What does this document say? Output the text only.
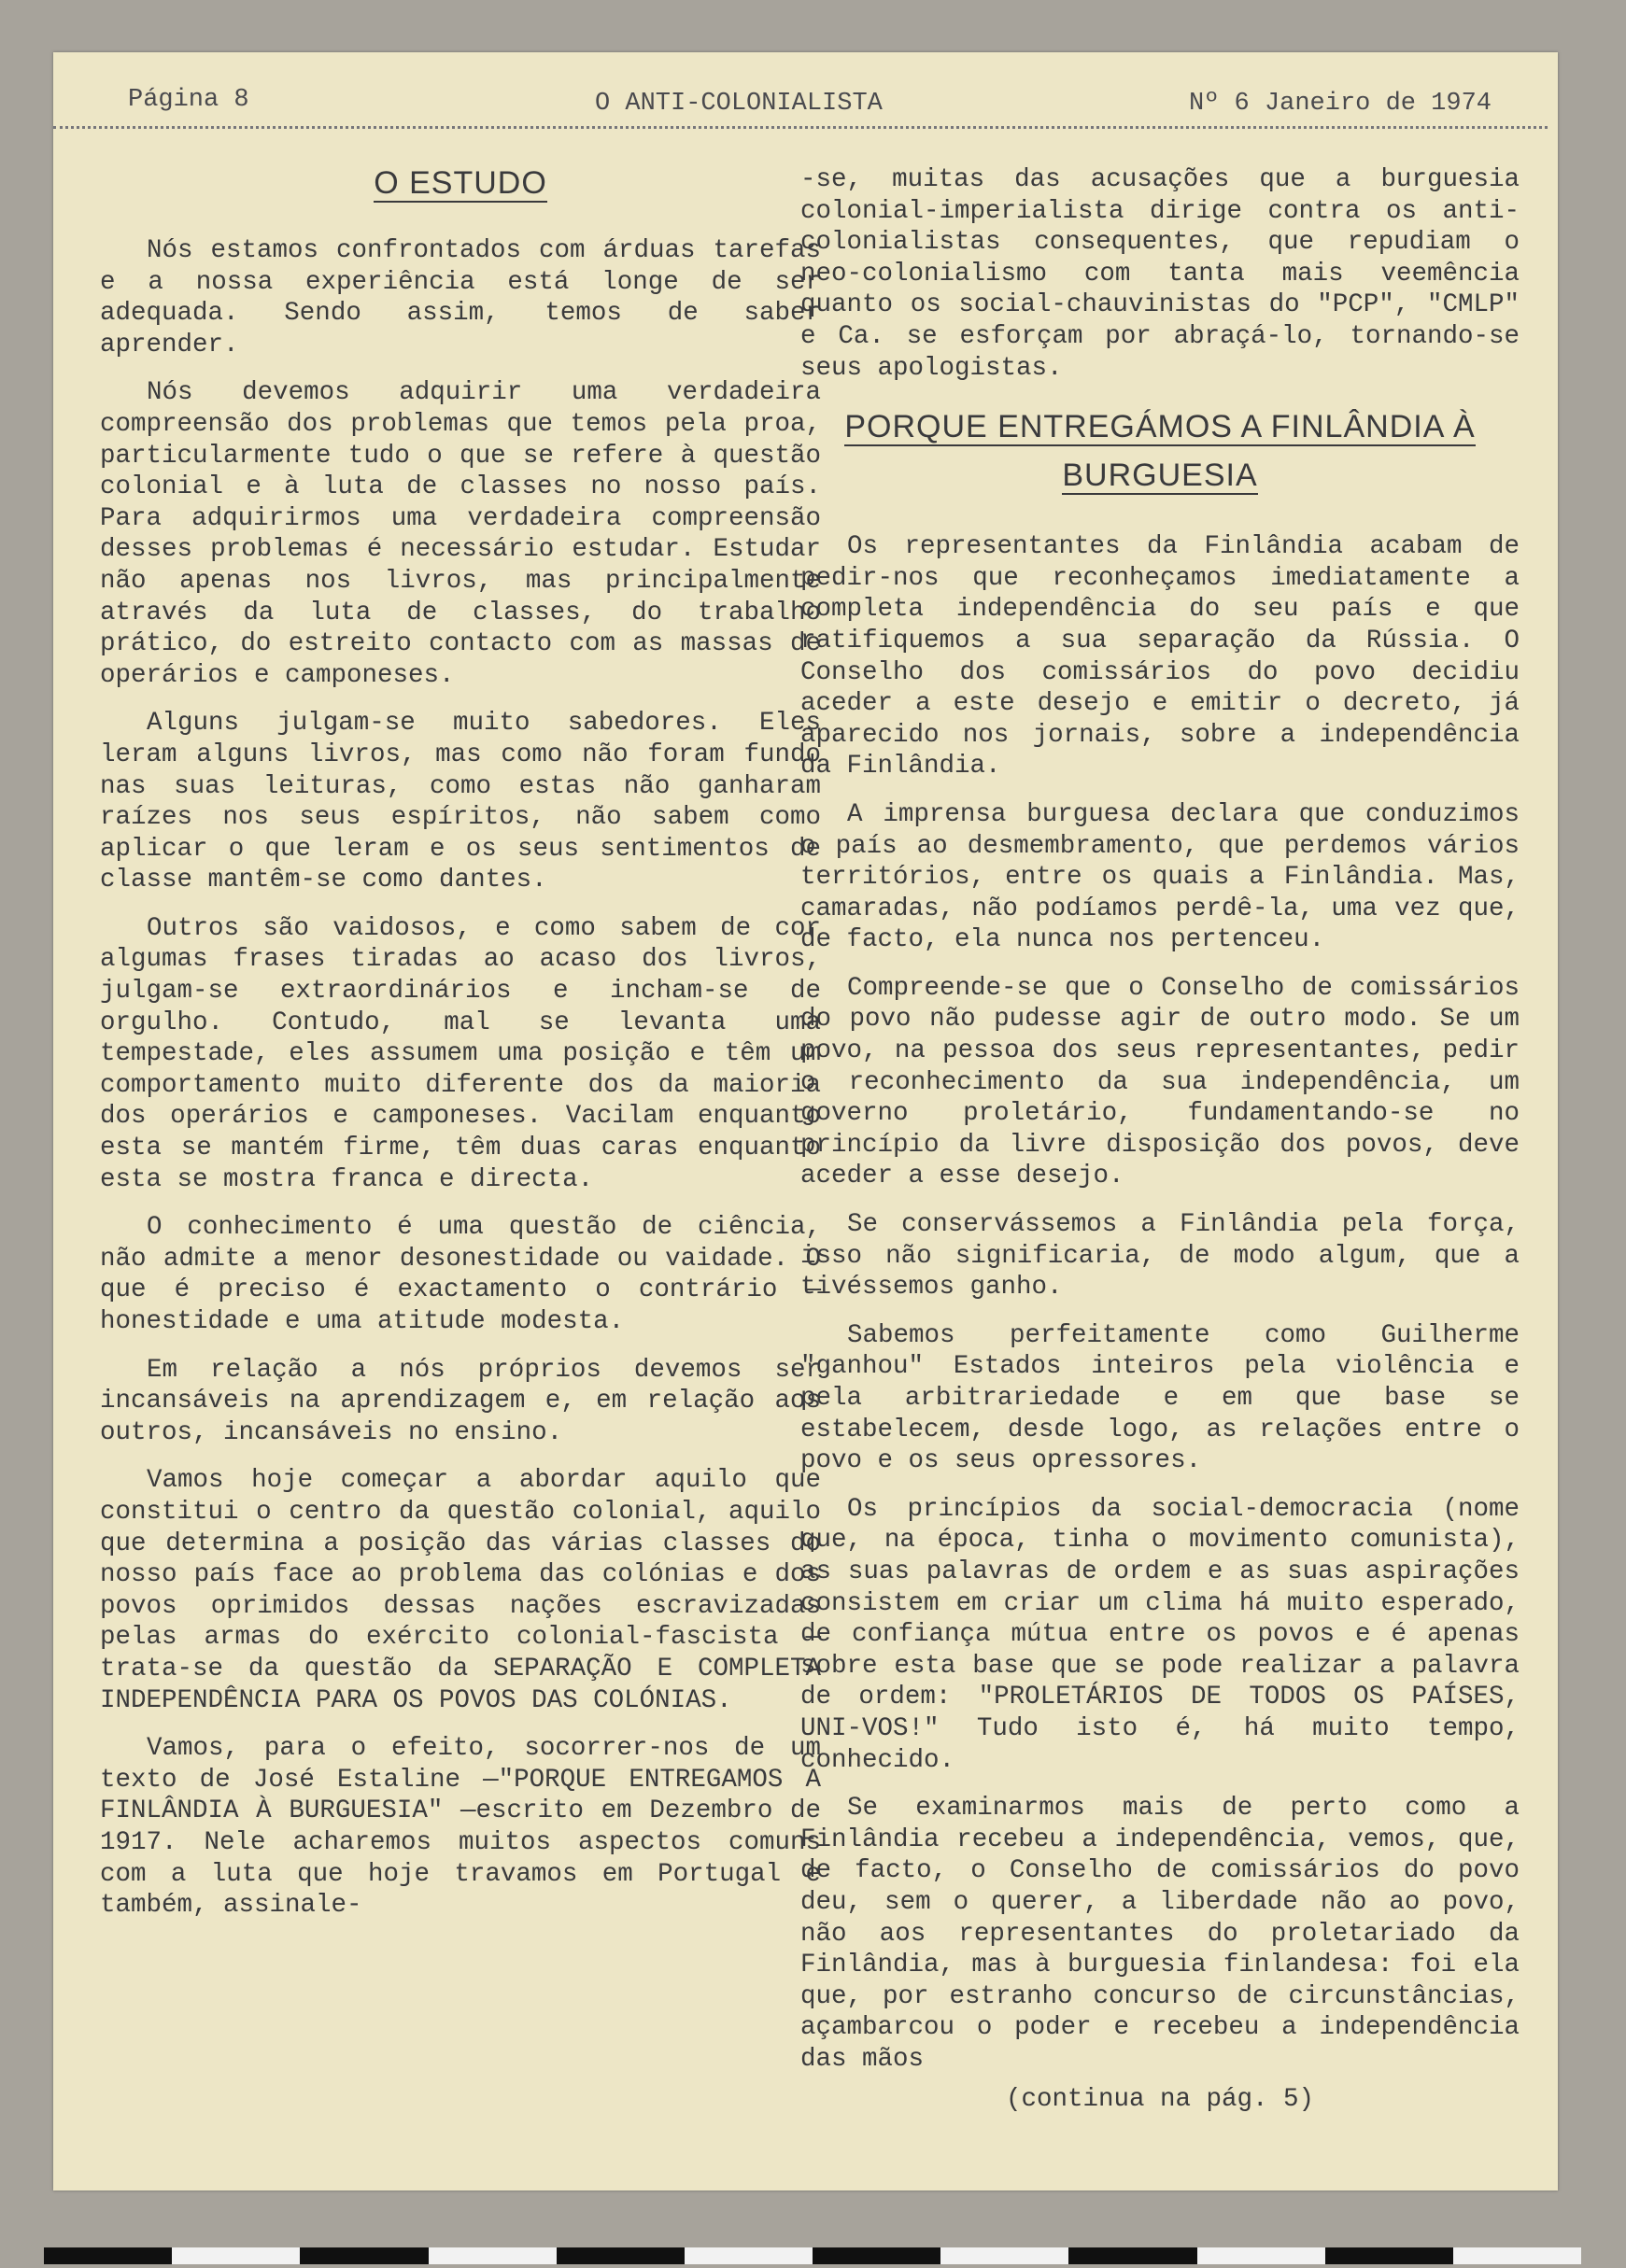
Página 8	O ANTI-COLONIALISTA	Nº 6 Janeiro de 1974
O ESTUDO

Nós estamos confrontados com árduas tarefas e a nossa experiência está longe de ser adequada. Sendo assim, temos de saber aprender.

Nós devemos adquirir uma verdadeira compreensão dos problemas que temos pela proa, particularmente tudo o que se refere à questão colonial e à luta de classes no nosso país. Para adquirirmos uma verdadeira compreensão desses problemas é necessário estudar. Estudar não apenas nos livros, mas principalmente através da luta de classes, do trabalho prático, do estreito contacto com as massas de operários e camponeses.

Alguns julgam-se muito sabedores. Eles leram alguns livros, mas como não foram fundo nas suas leituras, como estas não ganharam raízes nos seus espíritos, não sabem como aplicar o que leram e os seus sentimentos de classe mantêm-se como dantes.

Outros são vaidosos, e como sabem de cor algumas frases tiradas ao acaso dos livros, julgam-se extraordinários e incham-se de orgulho. Contudo, mal se levanta uma tempestade, eles assumem uma posição e têm um comportamento muito diferente dos da maioria dos operários e camponeses. Vacilam enquanto esta se mantém firme, têm duas caras enquanto esta se mostra franca e directa.

O conhecimento é uma questão de ciência, não admite a menor desonestidade ou vaidade. O que é preciso é exactamento o contrário —honestidade e uma atitude modesta.

Em relação a nós próprios devemos ser incansáveis na aprendizagem e, em relação aos outros, incansáveis no ensino.

Vamos hoje começar a abordar aquilo que constitui o centro da questão colonial, aquilo que determina a posição das várias classes do nosso país face ao problema das colónias e dos povos oprimidos dessas nações escravizadas pelas armas do exército colonial-fascista —trata-se da questão da SEPARAÇÃO E COMPLETA INDEPENDÊNCIA PARA OS POVOS DAS COLÓNIAS.

Vamos, para o efeito, socorrer-nos de um texto de José Estaline —"PORQUE ENTREGAMOS A FINLÂNDIA À BURGUESIA" —escrito em Dezembro de 1917. Nele acharemos muitos aspectos comuns com a luta que hoje travamos em Portugal e também, assinale-

-se, muitas das acusações que a burguesia colonial-imperialista dirige contra os anti-colonialistas consequentes, que repudiam o neo-colonialismo com tanta mais veemência quanto os social-chauvinistas do "PCP", "CMLP" e Ca. se esforçam por abraçá-lo, tornando-se seus apologistas.

PORQUE ENTREGÁMOS A FINLÂNDIA À BURGUESIA

Os representantes da Finlândia acabam de pedir-nos que reconheçamos imediatamente a completa independência do seu país e que ratifiquemos a sua separação da Rússia. O Conselho dos comissários do povo decidiu aceder a este desejo e emitir o decreto, já aparecido nos jornais, sobre a independência da Finlândia.

A imprensa burguesa declara que conduzimos o país ao desmembramento, que perdemos vários territórios, entre os quais a Finlândia. Mas, camaradas, não podíamos perdê-la, uma vez que, de facto, ela nunca nos pertenceu.

Compreende-se que o Conselho de comissários do povo não pudesse agir de outro modo. Se um povo, na pessoa dos seus representantes, pedir o reconhecimento da sua independência, um governo proletário, fundamentando-se no princípio da livre disposição dos povos, deve aceder a esse desejo.

Se conservássemos a Finlândia pela força, isso não significaria, de modo algum, que a tivéssemos ganho.

Sabemos perfeitamente como Guilherme "ganhou" Estados inteiros pela violência e pela arbitrariedade e em que base se estabelecem, desde logo, as relações entre o povo e os seus opressores.

Os princípios da social-democracia (nome que, na época, tinha o movimento comunista), as suas palavras de ordem e as suas aspirações consistem em criar um clima há muito esperado, de confiança mútua entre os povos e é apenas sobre esta base que se pode realizar a palavra de ordem: "PROLETÁRIOS DE TODOS OS PAÍSES, UNI-VOS!" Tudo isto é, há muito tempo, conhecido.

Se examinarmos mais de perto como a Finlândia recebeu a independência, vemos, que, de facto, o Conselho de comissários do povo deu, sem o querer, a liberdade não ao povo, não aos representantes do proletariado da Finlândia, mas à burguesia finlandesa: foi ela que, por estranho concurso de circunstâncias, açambarcou o poder e recebeu a independência das mãos

(continua na pág. 5)
